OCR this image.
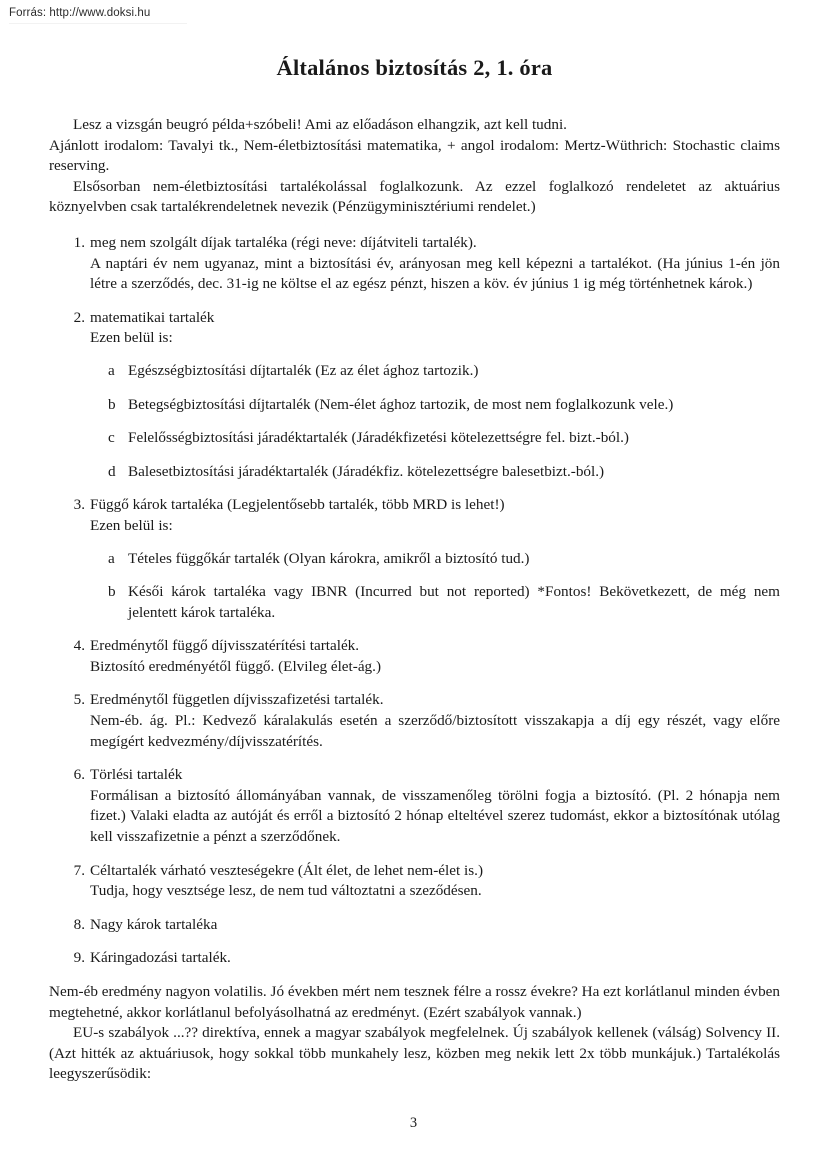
Forrás: http://www.doksi.hu
Általános biztosítás 2, 1. óra

Lesz a vizsgán beugró példa+szóbeli! Ami az előadáson elhangzik, azt kell tudni.

Ajánlott irodalom: Tavalyi tk., Nem-életbiztosítási matematika, + angol irodalom: Mertz-Wüthrich: Stochastic claims reserving.

Elsősorban nem-életbiztosítási tartalékolással foglalkozunk. Az ezzel foglalkozó rendeletet az aktuárius köznyelvben csak tartalékrendeletnek nevezik (Pénzügyminisztériumi rendelet.)

1. meg nem szolgált díjak tartaléka (régi neve: díjátviteli tartalék).
A naptári év nem ugyanaz, mint a biztosítási év, arányosan meg kell képezni a tartalékot. (Ha június 1-én jön létre a szerződés, dec. 31-ig ne költse el az egész pénzt, hiszen a köv. év június 1 ig még történhetnek károk.)
2. matematikai tartalék
Ezen belül is:
a Egészségbiztosítási díjtartalék (Ez az élet ághoz tartozik.)
b Betegségbiztosítási díjtartalék (Nem-élet ághoz tartozik, de most nem foglalkozunk vele.)
c Felelősségbiztosítási járadéktartalék (Járadékfizetési kötelezettségre fel. bizt.-ból.)
d Balesetbiztosítási járadéktartalék (Járadékfiz. kötelezettségre balesetbizt.-ból.)
3. Függő károk tartaléka (Legjelentősebb tartalék, több MRD is lehet!)
Ezen belül is:
a Tételes függőkár tartalék (Olyan károkra, amikről a biztosító tud.)
b Késői károk tartaléka vagy IBNR (Incurred but not reported) *Fontos! Bekövetkezett, de még nem jelentett károk tartaléka.
4. Eredménytől függő díjvisszatérítési tartalék.
Biztosító eredményétől függő. (Elvileg élet-ág.)
5. Eredménytől független díjvisszafizetési tartalék.
Nem-éb. ág. Pl.: Kedvező káralakulás esetén a szerződő/biztosított visszakapja a díj egy részét, vagy előre megígért kedvezmény/díjvisszatérítés.
6. Törlési tartalék
Formálisan a biztosító állományában vannak, de visszamenőleg törölni fogja a biztosító. (Pl. 2 hónapja nem fizet.) Valaki eladta az autóját és erről a biztosító 2 hónap elteltével szerez tudomást, ekkor a biztosítónak utólag kell visszafizetnie a pénzt a szerződőnek.
7. Céltartalék várható veszteségekre (Ált élet, de lehet nem-élet is.)
Tudja, hogy vesztsége lesz, de nem tud változtatni a szeződésen.
8. Nagy károk tartaléka
9. Káringadozási tartalék.

Nem-éb eredmény nagyon volatilis. Jó években mért nem tesznek félre a rossz évekre? Ha ezt korlátlanul minden évben megtehetné, akkor korlátlanul befolyásolhatná az eredményt. (Ezért szabályok vannak.)

EU-s szabályok ...?? direktíva, ennek a magyar szabályok megfelelnek. Új szabályok kellenek (válság) Solvency II. (Azt hitték az aktuáriusok, hogy sokkal több munkahely lesz, közben meg nekik lett 2x több munkájuk.) Tartalékolás leegyszerűsödik:

3
